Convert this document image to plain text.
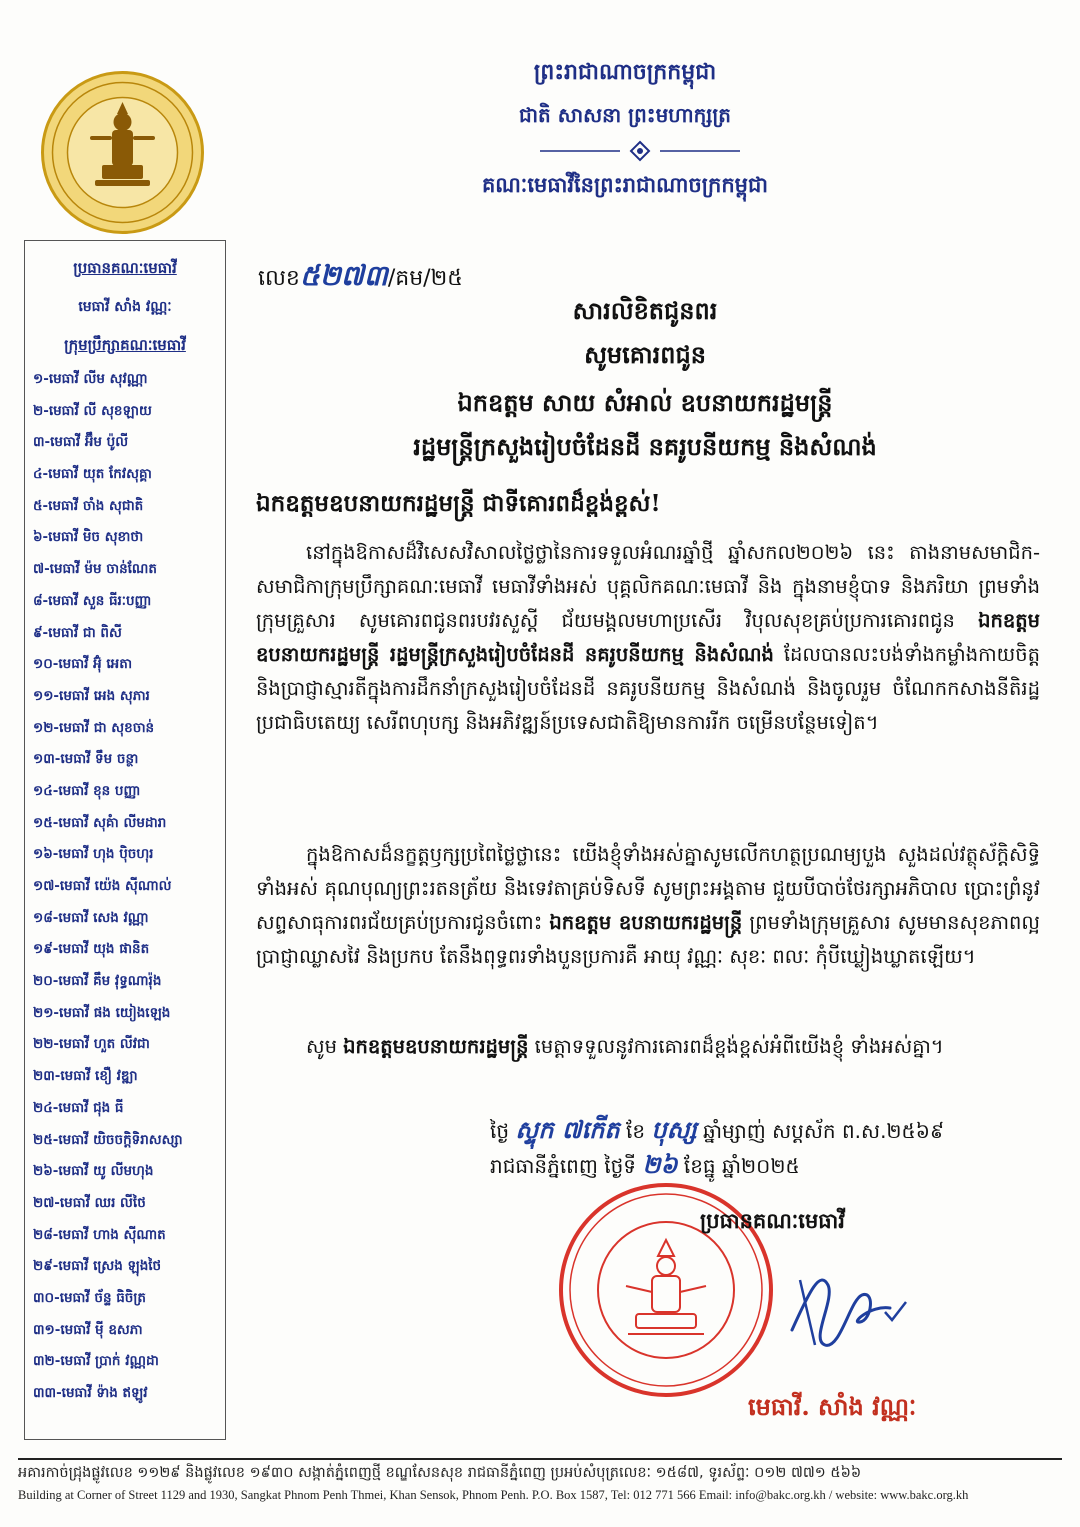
ព្រះរាជាណាចក្រកម្ពុជា
ជាតិ សាសនា ព្រះមហាក្សត្រ
គណៈមេធាវីនៃព្រះរាជាណាចក្រកម្ពុជា
ប្រធានគណៈមេធាវី
មេធាវី សាំង វណ្ណៈ
ក្រុមប្រឹក្សាគណៈមេធាវី
១-មេធាវី លីម សុវណ្ណា
២-មេធាវី លី សុខឡាយ
៣-មេធាវី អ៊ឹម ប៉ូលី
៤-មេធាវី យុត កែវសុគ្គា
៥-មេធាវី ចាំង សុជាតិ
៦-មេធាវី មិច សុខាថា
៧-មេធាវី ម៉ម ចាន់ណែត
៨-មេធាវី សួន ធីរៈបញ្ញា
៩-មេធាវី ជា ពិសី
១០-មេធាវី អ៊ុំ អេតា
១១-មេធាវី អេង សុភារ
១២-មេធាវី ជា សុខចាន់
១៣-មេធាវី ទឹម ចន្ថា
១៤-មេធាវី ខុន បញ្ញា
១៥-មេធាវី សុគំា លីមដារា
១៦-មេធាវី ហុង ប៉ិចហុរ
១៧-មេធាវី យ៉េង ស៊ីណាល់
១៨-មេធាវី សេង វណ្ណា
១៩-មេធាវី យុង ផានិត
២០-មេធាវី គឹម វុទ្ធណារ៉ុង
២១-មេធាវី ផង យៀងឡេង
២២-មេធាវី ហួត លីវជា
២៣-មេធាវី ខឿ វឌ្ឍា
២៤-មេធាវី ជុង ធី
២៥-មេធាវី យិចចក្តិទិរាសស្សា
២៦-មេធាវី យូ លីមហុង
២៧-មេធាវី ឈរ លីថៃ
២៨-មេធាវី ហាង ស៊ីណាត
២៩-មេធាវី ស្រេង ឡុងថៃ
៣០-មេធាវី ច័ន្ទ ធិចិត្រ
៣១-មេធាវី ម៉ី ឧសភា
៣២-មេធាវី ប្រាក់ វណ្ណដា
៣៣-មេធាវី ទ៉ាង ឥឡូវ
លេខ៥២៧៣/គម/២៥
សារលិខិតជូនពរ
សូមគោរពជូន
ឯកឧត្តម សាយ សំអាល់ ឧបនាយករដ្ឋមន្ត្រី
រដ្ឋមន្ត្រីក្រសួងរៀបចំដែនដី នគរូបនីយកម្ម និងសំណង់
ឯកឧត្តមឧបនាយករដ្ឋមន្ត្រី ជាទីគោរពដ៏ខ្ពង់ខ្ពស់!
នៅក្នុងឱកាសដ៏វិសេសវិសាលថ្លៃថ្លានៃការទទួលអំណរឆ្នាំថ្មី ឆ្នាំសកល២០២៦ នេះ តាងនាមសមាជិក-សមាជិកាក្រុមប្រឹក្សាគណៈមេធាវី មេធាវីទាំងអស់ បុគ្គលិកគណៈមេធាវី និង ក្នុងនាមខ្ញុំបាទ និងភរិយា ព្រមទាំងក្រុមគ្រួសារ សូមគោរពជូនពរបវរសួស្តី ជ័យមង្គលមហាប្រសើរ វិបុលសុខគ្រប់ប្រការគោរពជូន ឯកឧត្តមឧបនាយករដ្ឋមន្ត្រី រដ្ឋមន្ត្រីក្រសួងរៀបចំដែនដី នគរូបនីយកម្ម និងសំណង់ ដែលបានលះបង់ទាំងកម្លាំងកាយចិត្ត និងប្រាជ្ញាស្មារតីក្នុងការដឹកនាំក្រសួងរៀបចំដែនដី នគរូបនីយកម្ម និងសំណង់ និងចូលរួម ចំណែកកសាងនីតិរដ្ឋ ប្រជាធិបតេយ្យ សេរីពហុបក្ស និងអភិវឌ្ឍន៍ប្រទេសជាតិឱ្យមានការរីក ចម្រើនបន្ថែមទៀត។
ក្នុងឱកាសដ៏នក្ខត្តឫក្សប្រពៃថ្លៃថ្លានេះ យើងខ្ញុំទាំងអស់គ្នាសូមលើកហត្ថប្រណម្យបួង សួងដល់វត្ថុស័ក្តិសិទ្ធិទាំងអស់ គុណបុណ្យព្រះរតនត្រ័យ និងទេវតាគ្រប់ទិសទី សូមព្រះអង្គតាម ជួយបីបាច់ថែរក្សាអភិបាល ប្រោះព្រំនូវសព្ទសាធុការពរជ័យគ្រប់ប្រការជូនចំពោះ ឯកឧត្តម ឧបនាយករដ្ឋមន្ត្រី ព្រមទាំងក្រុមគ្រួសារ សូមមានសុខភាពល្អ ប្រាជ្ញាឈ្លាសវៃ និងប្រកប តែនឹងពុទ្ធពរទាំងបួនប្រការគឺ អាយុ វណ្ណៈ សុខៈ ពលៈ កុំបីឃ្លៀងឃ្លាតឡើយ។
សូម ឯកឧត្តមឧបនាយករដ្ឋមន្ត្រី មេត្តាទទួលនូវការគោរពដ៏ខ្ពង់ខ្ពស់អំពីយើងខ្ញុំ ទាំងអស់គ្នា។
ថ្ងៃ ស្ទុក ៧កើត ខែ បុស្ស ឆ្នាំម្សាញ់ សប្តស័ក ព.ស.២៥៦៩
រាជធានីភ្នំពេញ ថ្ងៃទី ២៦ ខែធ្នូ ឆ្នាំ២០២៥
ប្រធានគណៈមេធាវី
មេធាវី. សាំង វណ្ណៈ
អគារកាច់ជ្រុងផ្លូវលេខ ១១២៩ និងផ្លូវលេខ ១៩៣០ សង្កាត់ភ្នំពេញថ្មី ខណ្ឌសែនសុខ រាជធានីភ្នំពេញ ប្រអប់សំបុត្រលេខៈ ១៥៨៧, ទូរស័ព្ទៈ ០១២ ៧៧១ ៥៦៦
Building at Corner of Street 1129 and 1930, Sangkat Phnom Penh Thmei, Khan Sensok, Phnom Penh. P.O. Box 1587, Tel: 012 771 566 Email: info@bakc.org.kh / website: www.bakc.org.kh
